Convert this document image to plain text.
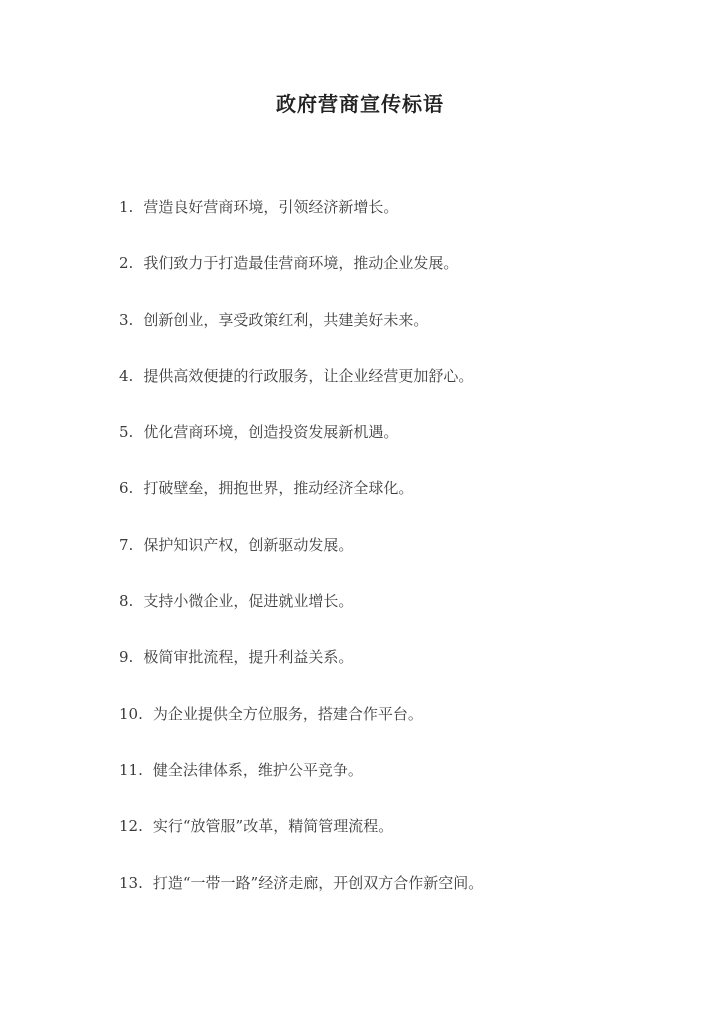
政府营商宣传标语
1. 营造良好营商环境，引领经济新增长。
2. 我们致力于打造最佳营商环境，推动企业发展。
3. 创新创业，享受政策红利，共建美好未来。
4. 提供高效便捷的行政服务，让企业经营更加舒心。
5. 优化营商环境，创造投资发展新机遇。
6. 打破壁垒，拥抱世界，推动经济全球化。
7. 保护知识产权，创新驱动发展。
8. 支持小微企业，促进就业增长。
9. 极简审批流程，提升利益关系。
10. 为企业提供全方位服务，搭建合作平台。
11. 健全法律体系，维护公平竞争。
12. 实行“放管服”改革，精简管理流程。
13. 打造“一带一路”经济走廊，开创双方合作新空间。
